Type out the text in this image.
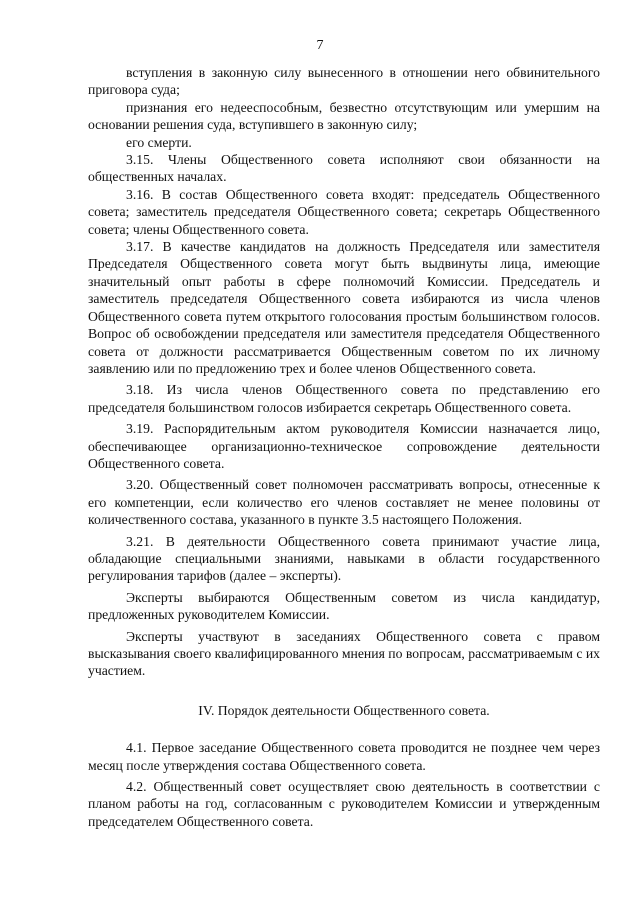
7

вступления в законную силу вынесенного в отношении него обвинительного приговора суда;

признания его недееспособным, безвестно отсутствующим или умершим на основании решения суда, вступившего в законную силу;

его смерти.

3.15. Члены Общественного совета исполняют свои обязанности на общественных началах.

3.16. В состав Общественного совета входят: председатель Общественного совета; заместитель председателя Общественного совета; секретарь Общественного совета; члены Общественного совета.

3.17. В качестве кандидатов на должность Председателя или заместителя Председателя Общественного совета могут быть выдвинуты лица, имеющие значительный опыт работы в сфере полномочий Комиссии. Председатель и заместитель председателя Общественного совета избираются из числа членов Общественного совета путем открытого голосования простым большинством голосов. Вопрос об освобождении председателя или заместителя председателя Общественного совета от должности рассматривается Общественным советом по их личному заявлению или по предложению трех и более членов Общественного совета.

3.18. Из числа членов Общественного совета по представлению его председателя большинством голосов избирается секретарь Общественного совета.

3.19. Распорядительным актом руководителя Комиссии назначается лицо, обеспечивающее организационно-техническое сопровождение деятельности Общественного совета.

3.20. Общественный совет полномочен рассматривать вопросы, отнесенные к его компетенции, если количество его членов составляет не менее половины от количественного состава, указанного в пункте 3.5 настоящего Положения.

3.21. В деятельности Общественного совета принимают участие лица, обладающие специальными знаниями, навыками в области государственного регулирования тарифов (далее – эксперты).

Эксперты выбираются Общественным советом из числа кандидатур, предложенных руководителем Комиссии.

Эксперты участвуют в заседаниях Общественного совета с правом высказывания своего квалифицированного мнения по вопросам, рассматриваемым с их участием.

IV. Порядок деятельности Общественного совета.

4.1. Первое заседание Общественного совета проводится не позднее чем через месяц после утверждения состава Общественного совета.

4.2. Общественный совет осуществляет свою деятельность в соответствии с планом работы на год, согласованным с руководителем Комиссии и утвержденным председателем Общественного совета.
